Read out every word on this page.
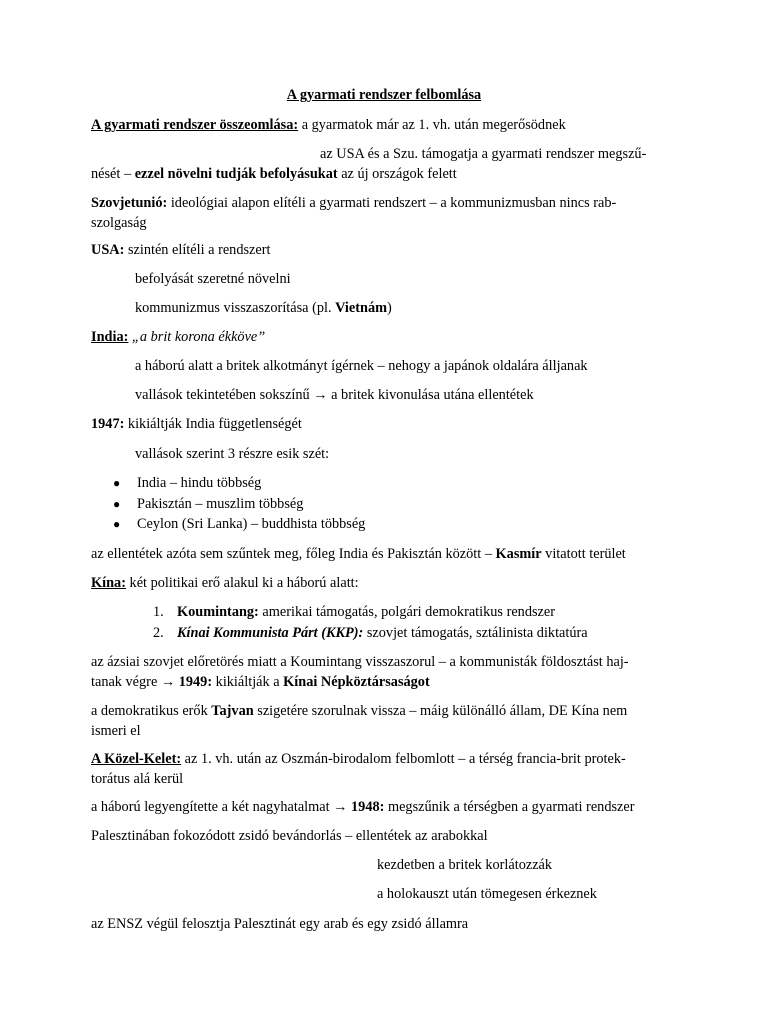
A gyarmati rendszer felbomlása
A gyarmati rendszer összeomlása: a gyarmatok már az 1. vh. után megerősödnek
az USA és a Szu. támogatja a gyarmati rendszer megszű-
nését – ezzel növelni tudják befolyásukat az új országok felett
Szovjetunió: ideológiai alapon elítéli a gyarmati rendszert – a kommunizmusban nincs rab-
szolgaság
USA: szintén elítéli a rendszert
befolyását szeretné növelni
kommunizmus visszaszorítása (pl. Vietnám)
India: „a brit korona ékköve”
a háború alatt a britek alkotmányt ígérnek – nehogy a japánok oldalára álljanak
vallások tekintetében sokszínű → a britek kivonulása utána ellentétek
1947: kikiáltják India függetlenségét
vallások szerint 3 részre esik szét:
● India – hindu többség
● Pakisztán – muszlim többség
● Ceylon (Sri Lanka) – buddhista többség
az ellentétek azóta sem szűntek meg, főleg India és Pakisztán között – Kasmír vitatott terület
Kína: két politikai erő alakul ki a háború alatt:
1. Koumintang: amerikai támogatás, polgári demokratikus rendszer
2. Kínai Kommunista Párt (KKP): szovjet támogatás, sztálinista diktatúra
az ázsiai szovjet előretörés miatt a Koumintang visszaszorul – a kommunisták földosztást haj-
tanak végre → 1949: kikiáltják a Kínai Népköztársaságot
a demokratikus erők Tajvan szigetére szorulnak vissza – máig különálló állam, DE Kína nem
ismeri el
A Közel-Kelet: az 1. vh. után az Oszmán-birodalom felbomlott – a térség francia-brit protek-
torátus alá kerül
a háború legyengítette a két nagyhatalmat → 1948: megszűnik a térségben a gyarmati rendszer
Palesztinában fokozódott zsidó bevándorlás – ellentétek az arabokkal
kezdetben a britek korlátozzák
a holokauszt után tömegesen érkeznek
az ENSZ végül felosztja Palesztinát egy arab és egy zsidó államra
